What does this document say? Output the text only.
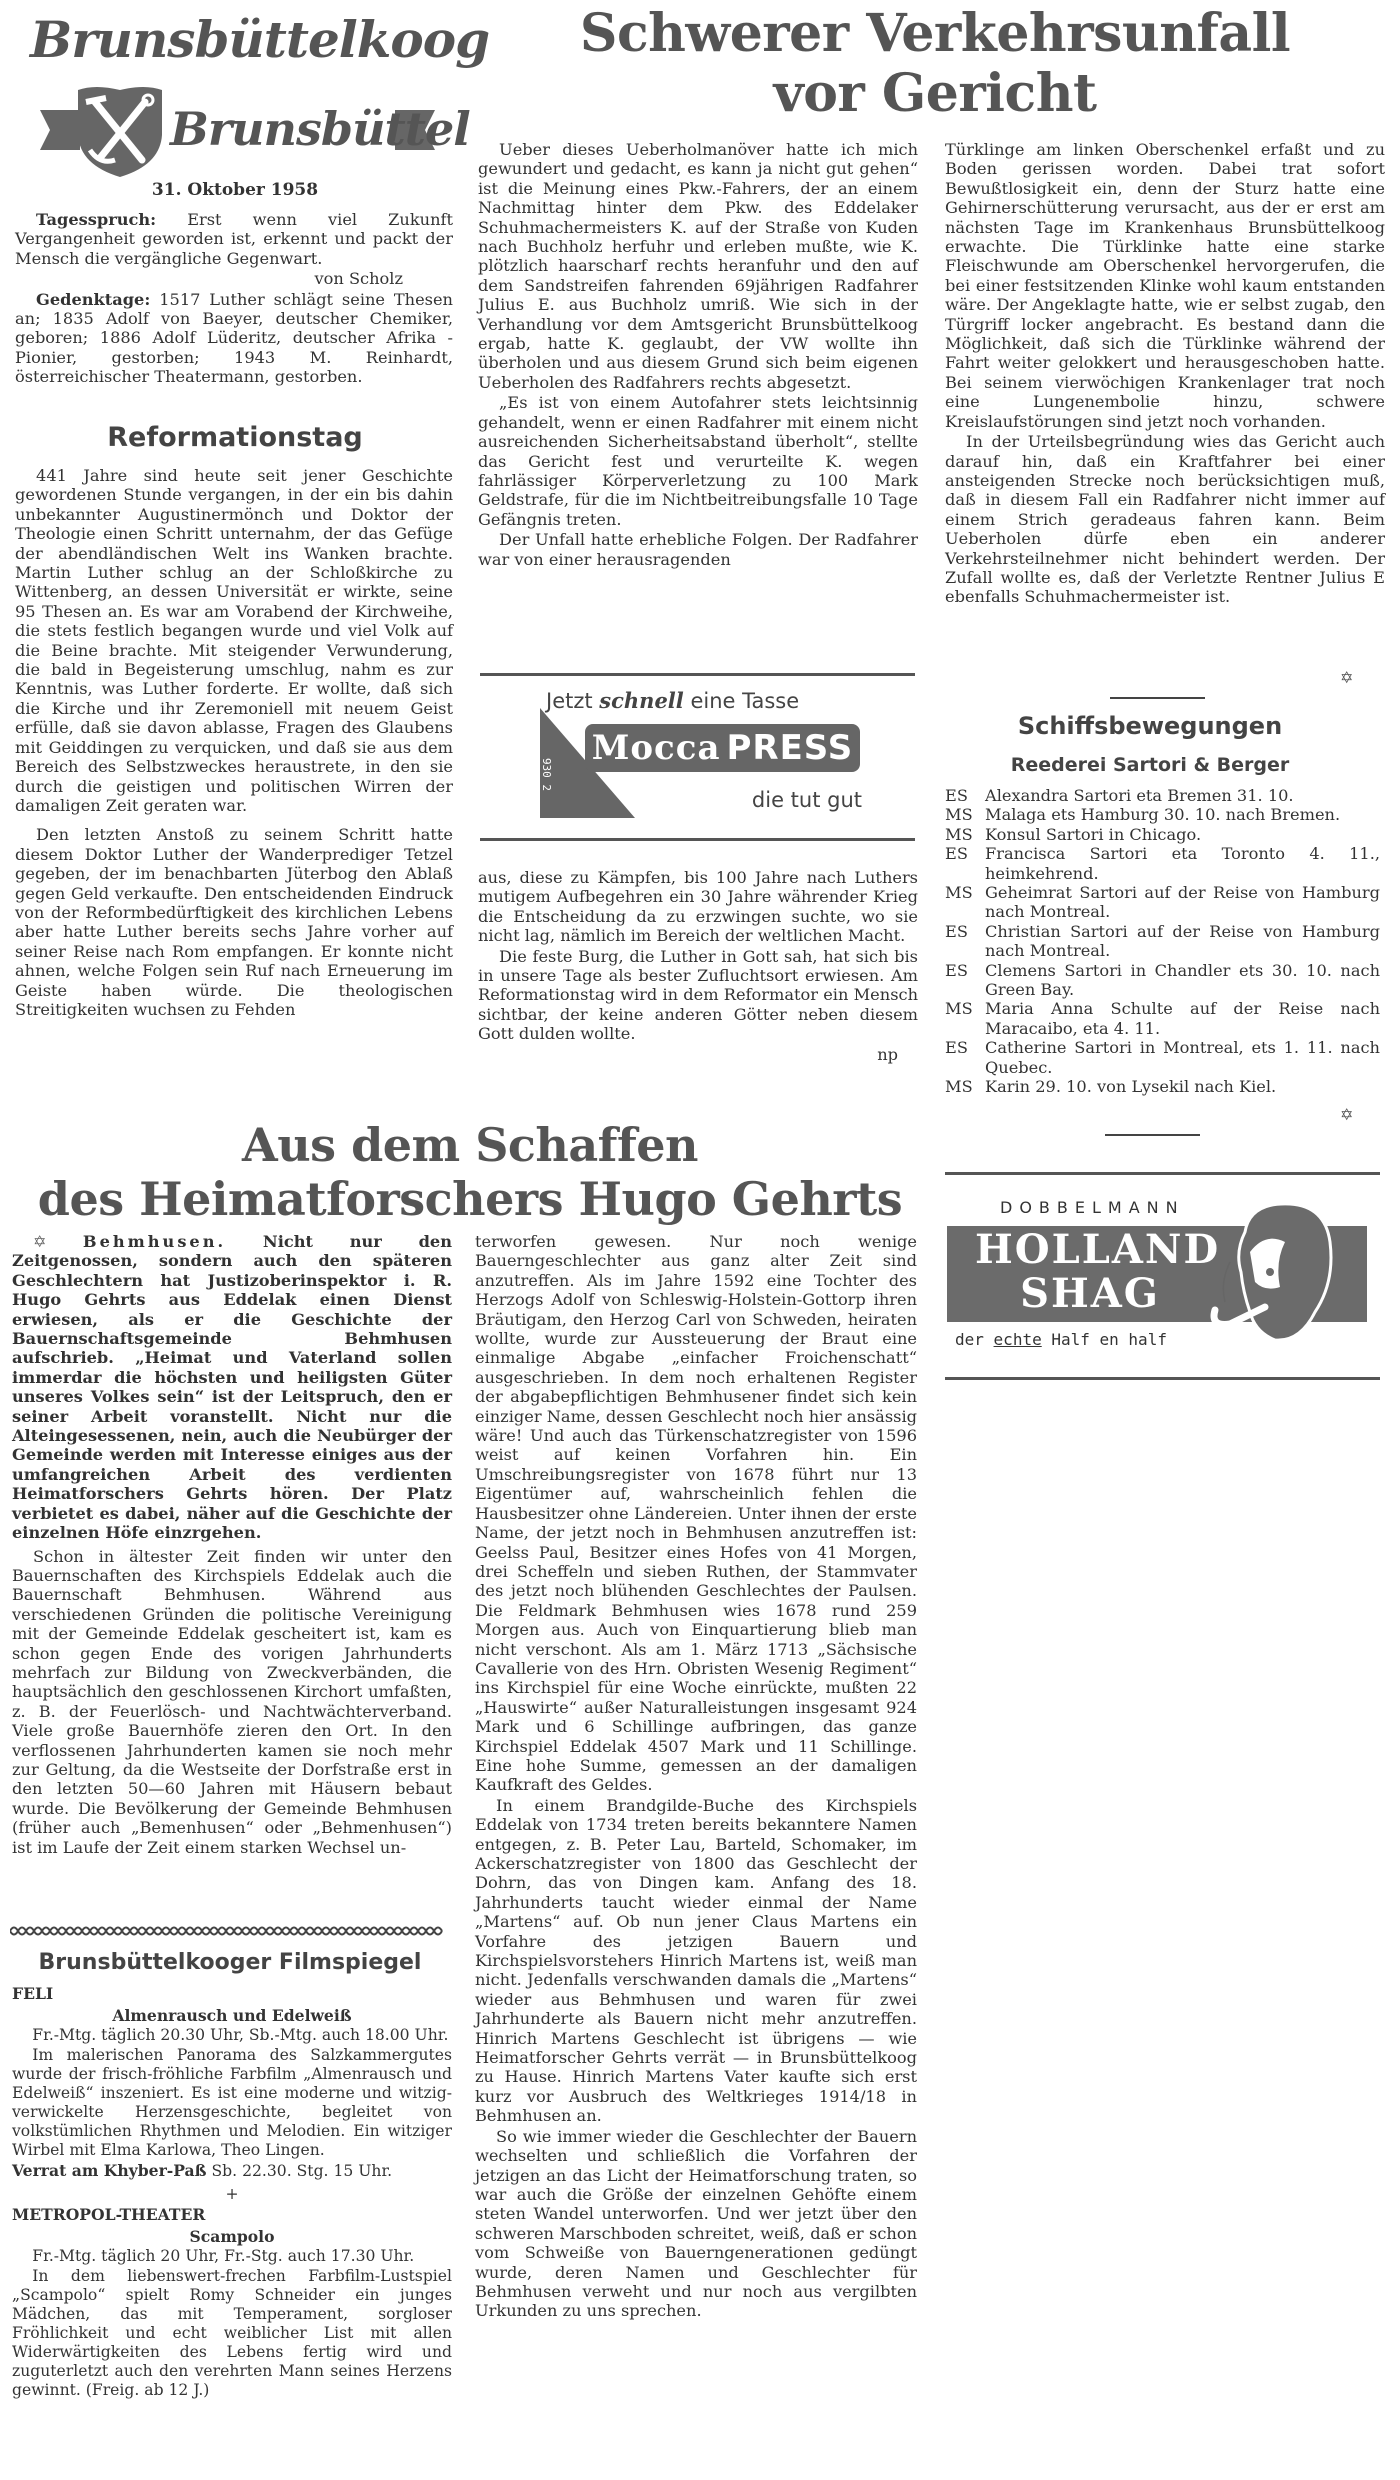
Brunsbüttelkoog
Brunsbüttel
31. Oktober 1958

Tagesspruch: Erst wenn viel Zukunft Vergangenheit geworden ist, erkennt und packt der Mensch die vergängliche Gegenwart.

von Scholz

Gedenktage: 1517 Luther schlägt seine Thesen an; 1835 Adolf von Baeyer, deutscher Chemiker, geboren; 1886 Adolf Lüderitz, deutscher Afrika - Pionier, gestorben; 1943 M. Reinhardt, österreichischer Theatermann, gestorben.

Reformationstag

441 Jahre sind heute seit jener Geschichte gewordenen Stunde vergangen, in der ein bis dahin unbekannter Augustinermönch und Doktor der Theologie einen Schritt unternahm, der das Gefüge der abendländischen Welt ins Wanken brachte. Martin Luther schlug an der Schloßkirche zu Wittenberg, an dessen Universität er wirkte, seine 95 Thesen an. Es war am Vorabend der Kirchweihe, die stets festlich begangen wurde und viel Volk auf die Beine brachte. Mit steigender Verwunderung, die bald in Begeisterung umschlug, nahm es zur Kenntnis, was Luther forderte. Er wollte, daß sich die Kirche und ihr Zeremoniell mit neuem Geist erfülle, daß sie davon ablasse, Fragen des Glaubens mit Geiddingen zu verquicken, und daß sie aus dem Bereich des Selbstzweckes heraustrete, in den sie durch die geistigen und politischen Wirren der damaligen Zeit geraten war.

Den letzten Anstoß zu seinem Schritt hatte diesem Doktor Luther der Wanderprediger Tetzel gegeben, der im benachbarten Jüterbog den Ablaß gegen Geld verkaufte. Den entscheidenden Eindruck von der Reformbedürftigkeit des kirchlichen Lebens aber hatte Luther bereits sechs Jahre vorher auf seiner Reise nach Rom empfangen. Er konnte nicht ahnen, welche Folgen sein Ruf nach Erneuerung im Geiste haben würde. Die theologischen Streitigkeiten wuchsen zu Fehden

aus, diese zu Kämpfen, bis 100 Jahre nach Luthers mutigem Aufbegehren ein 30 Jahre währender Krieg die Entscheidung da zu erzwingen suchte, wo sie nicht lag, nämlich im Bereich der weltlichen Macht.

Die feste Burg, die Luther in Gott sah, hat sich bis in unsere Tage als bester Zufluchtsort erwiesen. Am Reformationstag wird in dem Reformator ein Mensch sichtbar, der keine anderen Götter neben diesem Gott dulden wollte.

np

Schwerer Verkehrsunfall
vor Gericht

Ueber dieses Ueberholmanöver hatte ich mich gewundert und gedacht, es kann ja nicht gut gehen“ ist die Meinung eines Pkw.-Fahrers, der an einem Nachmittag hinter dem Pkw. des Eddelaker Schuhmachermeisters K. auf der Straße von Kuden nach Buchholz herfuhr und erleben mußte, wie K. plötzlich haarscharf rechts heranfuhr und den auf dem Sandstreifen fahrenden 69jährigen Radfahrer Julius E. aus Buchholz umriß. Wie sich in der Verhandlung vor dem Amtsgericht Brunsbüttelkoog ergab, hatte K. geglaubt, der VW wollte ihn überholen und aus diesem Grund sich beim eigenen Ueberholen des Radfahrers rechts abgesetzt.

„Es ist von einem Autofahrer stets leichtsinnig gehandelt, wenn er einen Radfahrer mit einem nicht ausreichenden Sicherheitsabstand überholt“, stellte das Gericht fest und verurteilte K. wegen fahrlässiger Körperverletzung zu 100 Mark Geldstrafe, für die im Nichtbeitreibungsfalle 10 Tage Gefängnis treten.

Der Unfall hatte erhebliche Folgen. Der Radfahrer war von einer herausragenden

Türklinge am linken Oberschenkel erfaßt und zu Boden gerissen worden. Dabei trat sofort Bewußtlosigkeit ein, denn der Sturz hatte eine Gehirnerschütterung verursacht, aus der er erst am nächsten Tage im Krankenhaus Brunsbüttelkoog erwachte. Die Türklinke hatte eine starke Fleischwunde am Oberschenkel hervorgerufen, die bei einer festsitzenden Klinke wohl kaum entstanden wäre. Der Angeklagte hatte, wie er selbst zugab, den Türgriff locker angebracht. Es bestand dann die Möglichkeit, daß sich die Türklinke während der Fahrt weiter gelokkert und herausgeschoben hatte. Bei seinem vierwöchigen Krankenlager trat noch eine Lungenembolie hinzu, schwere Kreislaufstörungen sind jetzt noch vorhanden.

In der Urteilsbegründung wies das Gericht auch darauf hin, daß ein Kraftfahrer bei einer ansteigenden Strecke noch berücksichtigen muß, daß in diesem Fall ein Radfahrer nicht immer auf einem Strich geradeaus fahren kann. Beim Ueberholen dürfe eben ein anderer Verkehrsteilnehmer nicht behindert werden. Der Zufall wollte es, daß der Verletzte Rentner Julius E ebenfalls Schuhmachermeister ist.

✡
930 2
Jetzt schnell eine Tasse
Mocca PRESS
die tut gut
Schiffsbewegungen
Reederei Sartori & Berger
ES	Alexandra Sartori eta Bremen 31. 10.
MS Malaga ets Hamburg 30. 10. nach Bremen.
MS Konsul Sartori in Chicago.
ES	Francisca Sartori eta Toronto 4. 11., heimkehrend.
MS Geheimrat Sartori auf der Reise von Hamburg nach Montreal.
ES	Christian Sartori auf der Reise von Hamburg nach Montreal.
ES	Clemens Sartori in Chandler ets 30. 10. nach Green Bay.
MS Maria Anna Schulte auf der Reise nach Maracaibo, eta 4. 11.
ES	Catherine Sartori in Montreal, ets 1. 11. nach Quebec.
MS Karin 29. 10. von Lysekil nach Kiel.
✡
DOBBELMANN
HOLLAND
SHAG
der echte Half en half
Aus dem Schaffen
des Heimatforschers Hugo Gehrts

✡ Behmhusen. Nicht nur den Zeitgenossen, sondern auch den späteren Geschlechtern hat Justizoberinspektor i. R. Hugo Gehrts aus Eddelak einen Dienst erwiesen, als er die Geschichte der Bauernschaftsgemeinde Behmhusen aufschrieb. „Heimat und Vaterland sollen immerdar die höchsten und heiligsten Güter unseres Volkes sein“ ist der Leitspruch, den er seiner Arbeit voranstellt. Nicht nur die Alteingesessenen, nein, auch die Neubürger der Gemeinde werden mit Interesse einiges aus der umfangreichen Arbeit des verdienten Heimatforschers Gehrts hören. Der Platz verbietet es dabei, näher auf die Geschichte der einzelnen Höfe einzrgehen.

Schon in ältester Zeit finden wir unter den Bauernschaften des Kirchspiels Eddelak auch die Bauernschaft Behmhusen. Während aus verschiedenen Gründen die politische Vereinigung mit der Gemeinde Eddelak gescheitert ist, kam es schon gegen Ende des vorigen Jahrhunderts mehrfach zur Bildung von Zweckverbänden, die hauptsächlich den geschlossenen Kirchort umfaßten, z. B. der Feuerlösch- und Nachtwächterverband. Viele große Bauernhöfe zieren den Ort. In den verflossenen Jahrhunderten kamen sie noch mehr zur Geltung, da die Westseite der Dorfstraße erst in den letzten 50—60 Jahren mit Häusern bebaut wurde. Die Bevölkerung der Gemeinde Behmhusen (früher auch „Bemenhusen“ oder „Behmenhusen“) ist im Laufe der Zeit einem starken Wechsel un-

terworfen gewesen. Nur noch wenige Bauerngeschlechter aus ganz alter Zeit sind anzutreffen. Als im Jahre 1592 eine Tochter des Herzogs Adolf von Schleswig-Holstein-Gottorp ihren Bräutigam, den Herzog Carl von Schweden, heiraten wollte, wurde zur Aussteuerung der Braut eine einmalige Abgabe „einfacher Froichenschatt“ ausgeschrieben. In dem noch erhaltenen Register der abgabepflichtigen Behmhusener findet sich kein einziger Name, dessen Geschlecht noch hier ansässig wäre! Und auch das Türkenschatzregister von 1596 weist auf keinen Vorfahren hin. Ein Umschreibungsregister von 1678 führt nur 13 Eigentümer auf, wahrscheinlich fehlen die Hausbesitzer ohne Ländereien. Unter ihnen der erste Name, der jetzt noch in Behmhusen anzutreffen ist: Geelss Paul, Besitzer eines Hofes von 41 Morgen, drei Scheffeln und sieben Ruthen, der Stammvater des jetzt noch blühenden Geschlechtes der Paulsen. Die Feldmark Behmhusen wies 1678 rund 259 Morgen aus. Auch von Einquartierung blieb man nicht verschont. Als am 1. März 1713 „Sächsische Cavallerie von des Hrn. Obristen Wesenig Regiment“ ins Kirchspiel für eine Woche einrückte, mußten 22 „Hauswirte“ außer Naturalleistungen insgesamt 924 Mark und 6 Schillinge aufbringen, das ganze Kirchspiel Eddelak 4507 Mark und 11 Schillinge. Eine hohe Summe, gemessen an der damaligen Kaufkraft des Geldes.

In einem Brandgilde-Buche des Kirchspiels Eddelak von 1734 treten bereits bekanntere Namen entgegen, z. B. Peter Lau, Barteld, Schomaker, im Ackerschatzregister von 1800 das Geschlecht der Dohrn, das von Dingen kam. Anfang des 18. Jahrhunderts taucht wieder einmal der Name „Martens“ auf. Ob nun jener Claus Martens ein Vorfahre des jetzigen Bauern und Kirchspielsvorstehers Hinrich Martens ist, weiß man nicht. Jedenfalls verschwanden damals die „Martens“ wieder aus Behmhusen und waren für zwei Jahrhunderte als Bauern nicht mehr anzutreffen. Hinrich Martens Geschlecht ist übrigens — wie Heimatforscher Gehrts verrät — in Brunsbüttelkoog zu Hause. Hinrich Martens Vater kaufte sich erst kurz vor Ausbruch des Weltkrieges 1914/18 in Behmhusen an.

So wie immer wieder die Geschlechter der Bauern wechselten und schließlich die Vorfahren der jetzigen an das Licht der Heimatforschung traten, so war auch die Größe der einzelnen Gehöfte einem steten Wandel unterworfen. Und wer jetzt über den schweren Marschboden schreitet, weiß, daß er schon vom Schweiße von Bauerngenerationen gedüngt wurde, deren Namen und Geschlechter für Behmhusen verweht und nur noch aus vergilbten Urkunden zu uns sprechen.

Brunsbüttelkooger Filmspiegel

FELI

Almenrausch und Edelweiß

Fr.-Mtg. täglich 20.30 Uhr, Sb.-Mtg. auch 18.00 Uhr.

Im malerischen Panorama des Salzkammergutes wurde der frisch-fröhliche Farbfilm „Almenrausch und Edelweiß“ inszeniert. Es ist eine moderne und witzig-verwickelte Herzensgeschichte, begleitet von volkstümlichen Rhythmen und Melodien. Ein witziger Wirbel mit Elma Karlowa, Theo Lingen.

Verrat am Khyber-Paß Sb. 22.30. Stg. 15 Uhr.

+

METROPOL-THEATER

Scampolo

Fr.-Mtg. täglich 20 Uhr, Fr.-Stg. auch 17.30 Uhr.

In dem liebenswert-frechen Farbfilm-Lustspiel „Scampolo“ spielt Romy Schneider ein junges Mädchen, das mit Temperament, sorgloser Fröhlichkeit und echt weiblicher List mit allen Widerwärtigkeiten des Lebens fertig wird und zuguterletzt auch den verehrten Mann seines Herzens gewinnt. (Freig. ab 12 J.)
